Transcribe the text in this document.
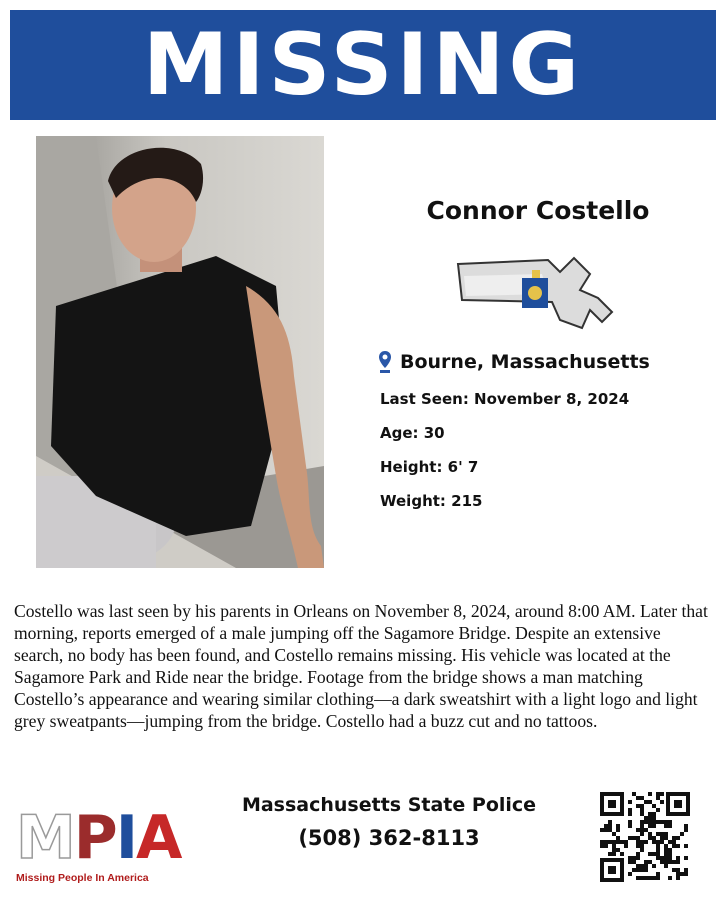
MISSING
Connor Costello
Bourne, Massachusetts
Last Seen: November 8, 2024
Age: 30
Height: 6' 7
Weight: 215
Costello was last seen by his parents in Orleans on November 8, 2024, around 8:00 AM. Later that morning, reports emerged of a male jumping off the Sagamore Bridge. Despite an extensive search, no body has been found, and Costello remains missing. His vehicle was located at the Sagamore Park and Ride near the bridge. Footage from the bridge shows a man matching Costello’s appearance and wearing similar clothing—a dark sweatshirt with a light logo and light grey sweatpants—jumping from the bridge. Costello had a buzz cut and no tattoos.
M P I A
Missing People In America
Massachusetts State Police
(508) 362-8113
